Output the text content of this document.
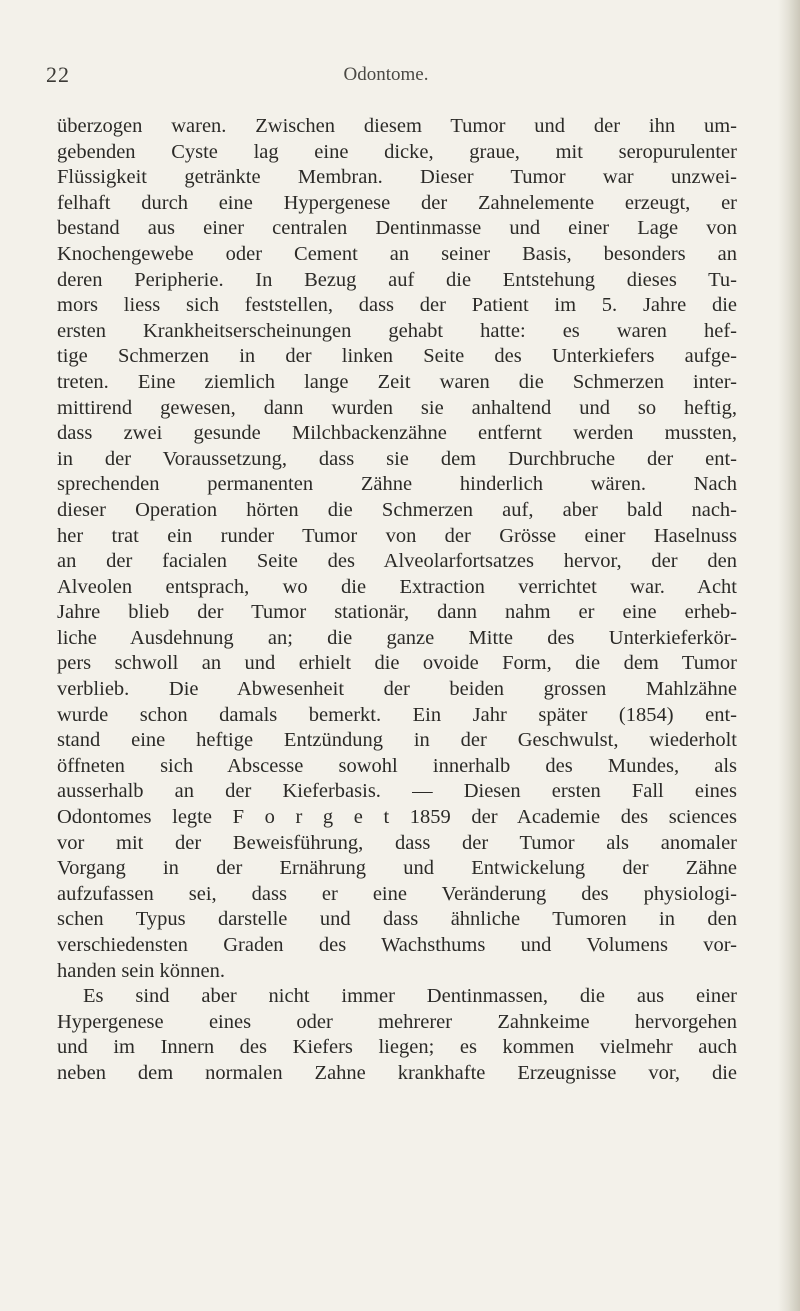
22	Odontome.
überzogen waren. Zwischen diesem Tumor und der ihn um-
gebenden Cyste lag eine dicke, graue, mit seropurulenter
Flüssigkeit getränkte Membran. Dieser Tumor war unzwei-
felhaft durch eine Hypergenese der Zahnelemente erzeugt, er
bestand aus einer centralen Dentinmasse und einer Lage von
Knochengewebe oder Cement an seiner Basis, besonders an
deren Peripherie. In Bezug auf die Entstehung dieses Tu-
mors liess sich feststellen, dass der Patient im 5. Jahre die
ersten Krankheitserscheinungen gehabt hatte: es waren hef-
tige Schmerzen in der linken Seite des Unterkiefers aufge-
treten. Eine ziemlich lange Zeit waren die Schmerzen inter-
mittirend gewesen, dann wurden sie anhaltend und so heftig,
dass zwei gesunde Milchbackenzähne entfernt werden mussten,
in der Voraussetzung, dass sie dem Durchbruche der ent-
sprechenden permanenten Zähne hinderlich wären. Nach
dieser Operation hörten die Schmerzen auf, aber bald nach-
her trat ein runder Tumor von der Grösse einer Haselnuss
an der facialen Seite des Alveolarfortsatzes hervor, der den
Alveolen entsprach, wo die Extraction verrichtet war. Acht
Jahre blieb der Tumor stationär, dann nahm er eine erheb-
liche Ausdehnung an; die ganze Mitte des Unterkieferkör-
pers schwoll an und erhielt die ovoide Form, die dem Tumor
verblieb. Die Abwesenheit der beiden grossen Mahlzähne
wurde schon damals bemerkt. Ein Jahr später (1854) ent-
stand eine heftige Entzündung in der Geschwulst, wiederholt
öffneten sich Abscesse sowohl innerhalb des Mundes, als
ausserhalb an der Kieferbasis. — Diesen ersten Fall eines
Odontomes legte F o r g e t 1859 der Academie des sciences
vor mit der Beweisführung, dass der Tumor als anomaler
Vorgang in der Ernährung und Entwickelung der Zähne
aufzufassen sei, dass er eine Veränderung des physiologi-
schen Typus darstelle und dass ähnliche Tumoren in den
verschiedensten Graden des Wachsthums und Volumens vor-
handen sein können.
Es sind aber nicht immer Dentinmassen, die aus einer
Hypergenese eines oder mehrerer Zahnkeime hervorgehen
und im Innern des Kiefers liegen; es kommen vielmehr auch
neben dem normalen Zahne krankhafte Erzeugnisse vor, die
